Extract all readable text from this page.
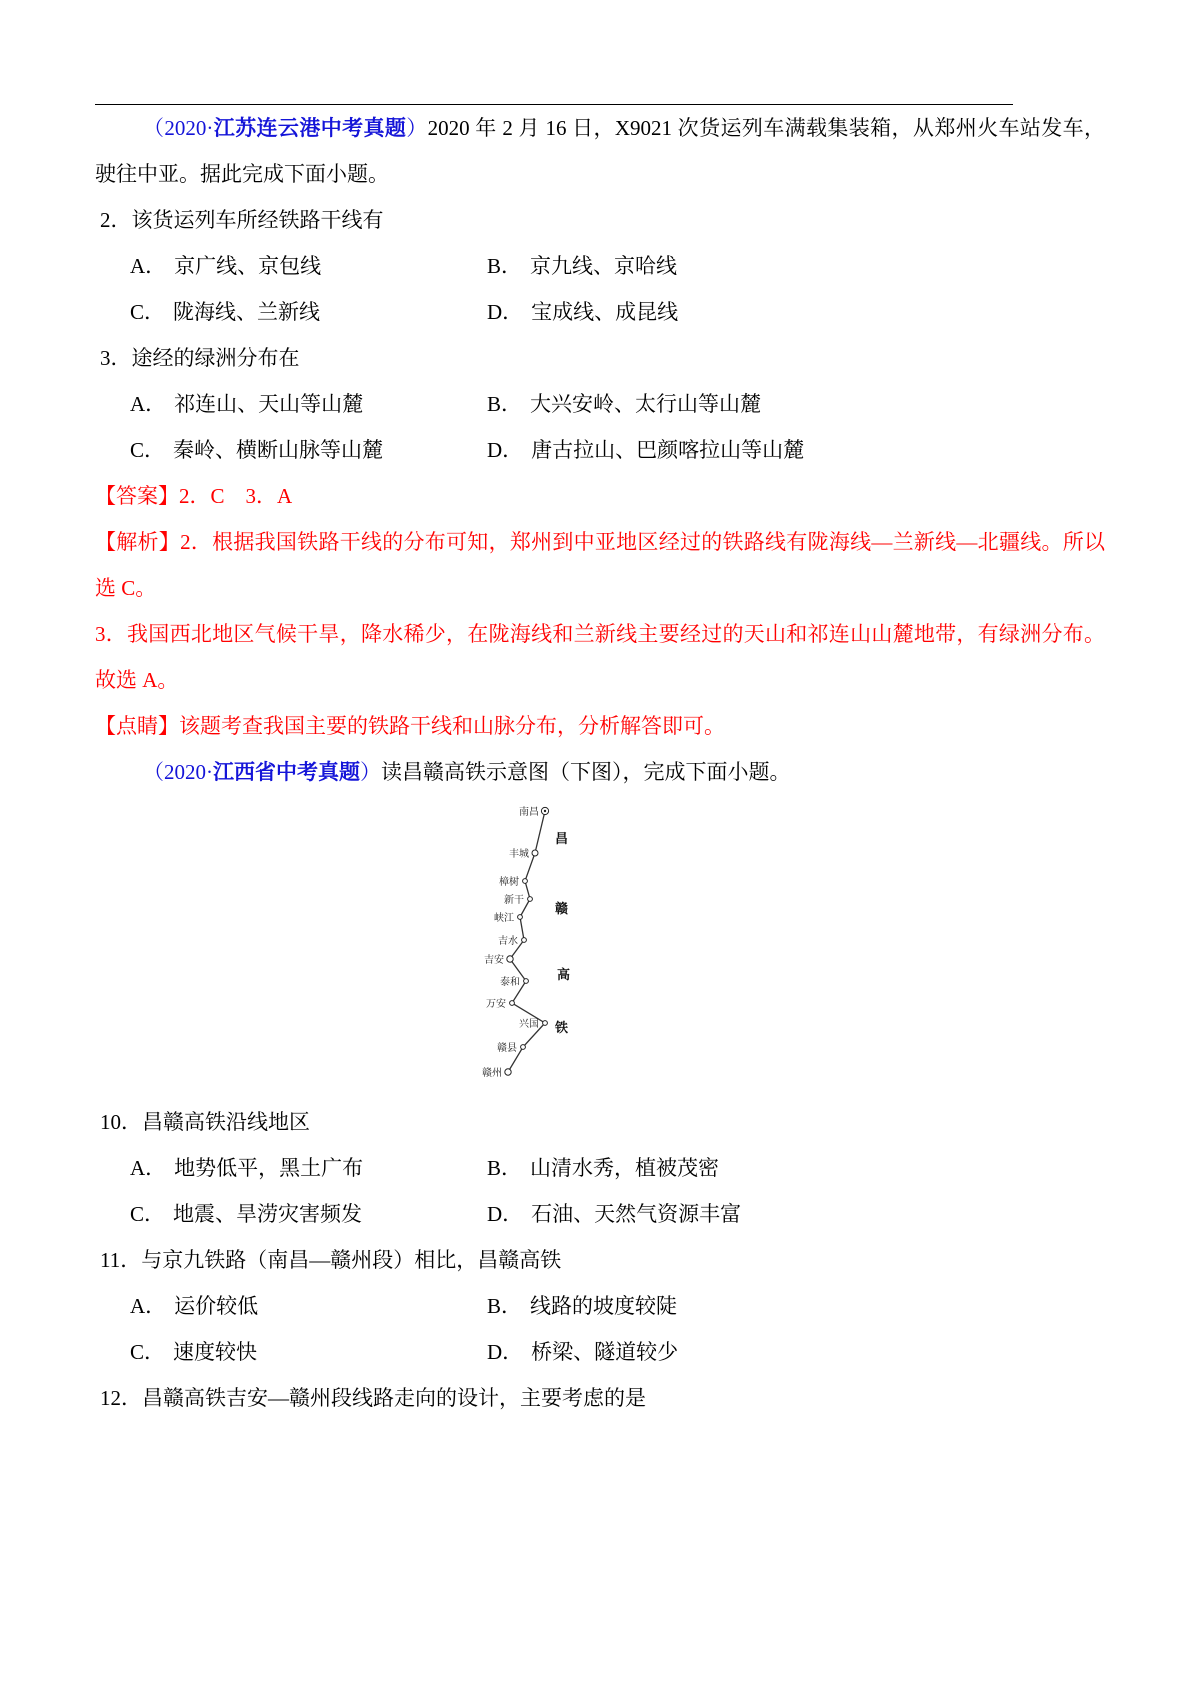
（2020·江苏连云港中考真题）2020 年 2 月 16 日，X9021 次货运列车满载集装箱，从郑州火车站发车，驶往中亚。据此完成下面小题。

2．该货运列车所经铁路干线有

A． 京广线、京包线	B． 京九线、京哈线
C． 陇海线、兰新线	D． 宝成线、成昆线

3．途经的绿洲分布在

A． 祁连山、天山等山麓	B． 大兴安岭、太行山等山麓
C． 秦岭、横断山脉等山麓	D． 唐古拉山、巴颜喀拉山等山麓

【答案】2．C　3．A

【解析】2．根据我国铁路干线的分布可知，郑州到中亚地区经过的铁路线有陇海线—兰新线—北疆线。所以选 C。

3．我国西北地区气候干旱，降水稀少，在陇海线和兰新线主要经过的天山和祁连山山麓地带，有绿洲分布。故选 A。

【点睛】该题考查我国主要的铁路干线和山脉分布，分析解答即可。

（2020·江西省中考真题）读昌赣高铁示意图（下图），完成下面小题。

南昌
丰城
樟树
新干
峡江
吉水
吉安
泰和
万安
兴国
赣县
赣州
昌
赣
高
铁

10．昌赣高铁沿线地区

A． 地势低平，黑土广布	B． 山清水秀，植被茂密
C． 地震、旱涝灾害频发	D． 石油、天然气资源丰富

11．与京九铁路（南昌—赣州段）相比，昌赣高铁

A． 运价较低	B． 线路的坡度较陡
C． 速度较快	D． 桥梁、隧道较少

12．昌赣高铁吉安—赣州段线路走向的设计，主要考虑的是
